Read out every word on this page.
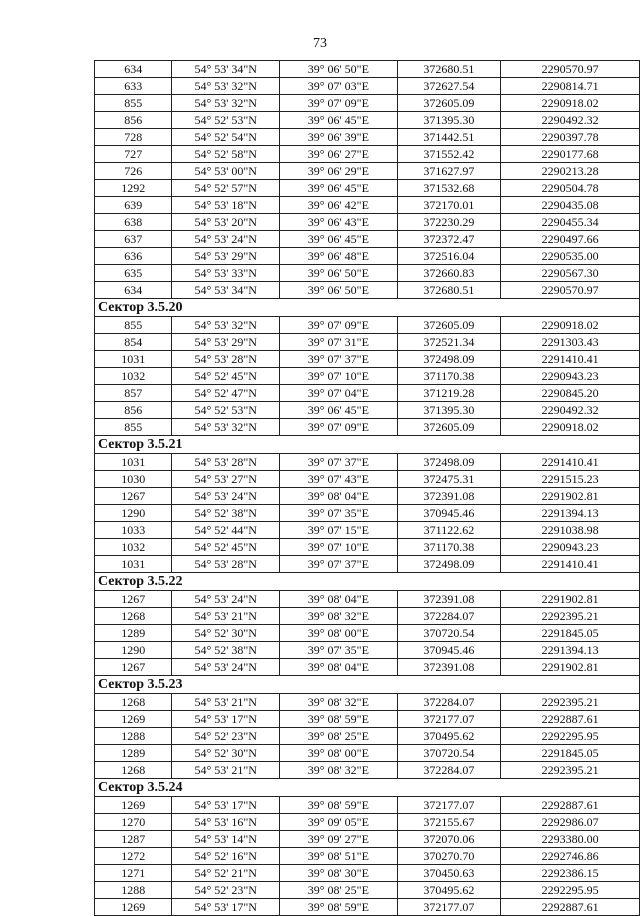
73
634	54° 53' 34"N	39° 06' 50"E	372680.51	2290570.97
633	54° 53' 32"N	39° 07' 03"E	372627.54	2290814.71
855	54° 53' 32"N	39° 07' 09"E	372605.09	2290918.02
856	54° 52' 53"N	39° 06' 45"E	371395.30	2290492.32
728	54° 52' 54"N	39° 06' 39"E	371442.51	2290397.78
727	54° 52' 58"N	39° 06' 27"E	371552.42	2290177.68
726	54° 53' 00"N	39° 06' 29"E	371627.97	2290213.28
1292	54° 52' 57"N	39° 06' 45"E	371532.68	2290504.78
639	54° 53' 18"N	39° 06' 42"E	372170.01	2290435.08
638	54° 53' 20"N	39° 06' 43"E	372230.29	2290455.34
637	54° 53' 24"N	39° 06' 45"E	372372.47	2290497.66
636	54° 53' 29"N	39° 06' 48"E	372516.04	2290535.00
635	54° 53' 33"N	39° 06' 50"E	372660.83	2290567.30
634	54° 53' 34"N	39° 06' 50"E	372680.51	2290570.97
Сектор 3.5.20				
855	54° 53' 32"N	39° 07' 09"E	372605.09	2290918.02
854	54° 53' 29"N	39° 07' 31"E	372521.34	2291303.43
1031	54° 53' 28"N	39° 07' 37"E	372498.09	2291410.41
1032	54° 52' 45"N	39° 07' 10"E	371170.38	2290943.23
857	54° 52' 47"N	39° 07' 04"E	371219.28	2290845.20
856	54° 52' 53"N	39° 06' 45"E	371395.30	2290492.32
855	54° 53' 32"N	39° 07' 09"E	372605.09	2290918.02
Сектор 3.5.21				
1031	54° 53' 28"N	39° 07' 37"E	372498.09	2291410.41
1030	54° 53' 27"N	39° 07' 43"E	372475.31	2291515.23
1267	54° 53' 24"N	39° 08' 04"E	372391.08	2291902.81
1290	54° 52' 38"N	39° 07' 35"E	370945.46	2291394.13
1033	54° 52' 44"N	39° 07' 15"E	371122.62	2291038.98
1032	54° 52' 45"N	39° 07' 10"E	371170.38	2290943.23
1031	54° 53' 28"N	39° 07' 37"E	372498.09	2291410.41
Сектор 3.5.22				
1267	54° 53' 24"N	39° 08' 04"E	372391.08	2291902.81
1268	54° 53' 21"N	39° 08' 32"E	372284.07	2292395.21
1289	54° 52' 30"N	39° 08' 00"E	370720.54	2291845.05
1290	54° 52' 38"N	39° 07' 35"E	370945.46	2291394.13
1267	54° 53' 24"N	39° 08' 04"E	372391.08	2291902.81
Сектор 3.5.23				
1268	54° 53' 21"N	39° 08' 32"E	372284.07	2292395.21
1269	54° 53' 17"N	39° 08' 59"E	372177.07	2292887.61
1288	54° 52' 23"N	39° 08' 25"E	370495.62	2292295.95
1289	54° 52' 30"N	39° 08' 00"E	370720.54	2291845.05
1268	54° 53' 21"N	39° 08' 32"E	372284.07	2292395.21
Сектор 3.5.24				
1269	54° 53' 17"N	39° 08' 59"E	372177.07	2292887.61
1270	54° 53' 16"N	39° 09' 05"E	372155.67	2292986.07
1287	54° 53' 14"N	39° 09' 27"E	372070.06	2293380.00
1272	54° 52' 16"N	39° 08' 51"E	370270.70	2292746.86
1271	54° 52' 21"N	39° 08' 30"E	370450.63	2292386.15
1288	54° 52' 23"N	39° 08' 25"E	370495.62	2292295.95
1269	54° 53' 17"N	39° 08' 59"E	372177.07	2292887.61
